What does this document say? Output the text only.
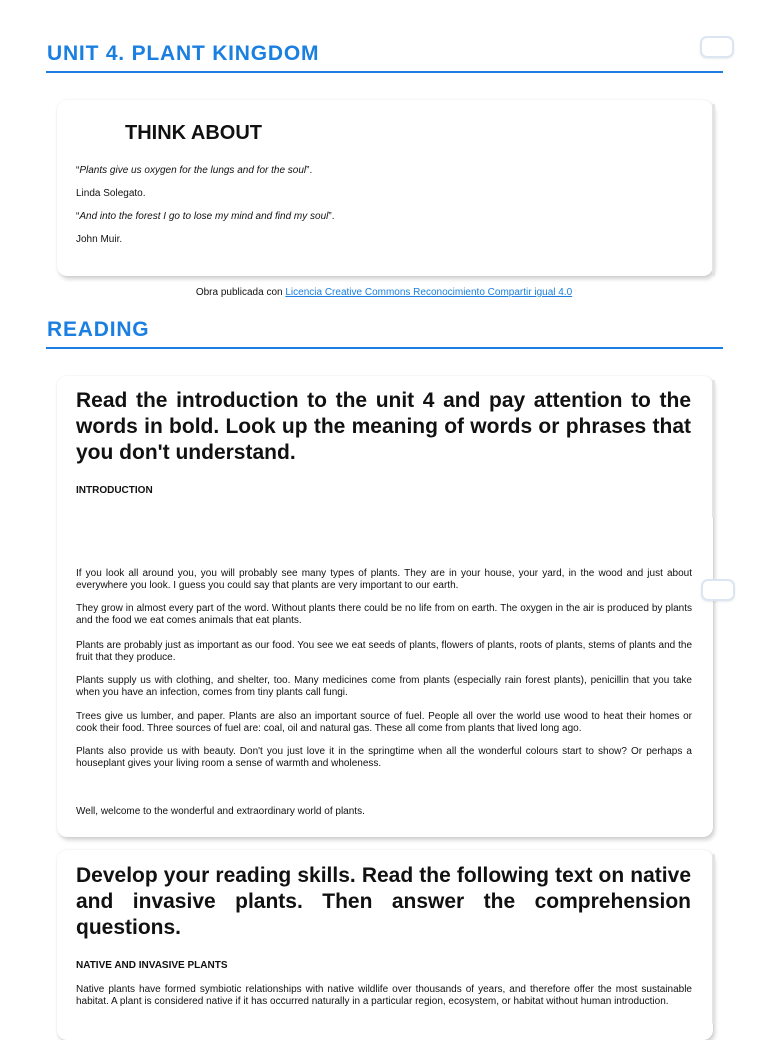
UNIT 4. PLANT KINGDOM
THINK ABOUT

“Plants give us oxygen for the lungs and for the soul”.

Linda Solegato.

“And into the forest I go to lose my mind and find my soul”.

John Muir.

Obra publicada con Licencia Creative Commons Reconocimiento Compartir igual 4.0
READING
Read the introduction to the unit 4 and pay attention to the words in bold. Look up the meaning of words or phrases that you don't understand.

INTRODUCTION

If you look all around you, you will probably see many types of plants. They are in your house, your yard, in the wood and just about everywhere you look. I guess you could say that plants are very important to our earth.

They grow in almost every part of the word. Without plants there could be no life from on earth. The oxygen in the air is produced by plants and the food we eat comes animals that eat plants.

Plants are probably just as important as our food. You see we eat seeds of plants, flowers of plants, roots of plants, stems of plants and the fruit that they produce.

Plants supply us with clothing, and shelter, too. Many medicines come from plants (especially rain forest plants), penicillin that you take when you have an infection, comes from tiny plants call fungi.

Trees give us lumber, and paper. Plants are also an important source of fuel. People all over the world use wood to heat their homes or cook their food. Three sources of fuel are: coal, oil and natural gas. These all come from plants that lived long ago.

Plants also provide us with beauty. Don't you just love it in the springtime when all the wonderful colours start to show? Or perhaps a houseplant gives your living room a sense of warmth and wholeness.

Well, welcome to the wonderful and extraordinary world of plants.

Develop your reading skills. Read the following text on native and invasive plants. Then answer the comprehension questions.

NATIVE AND INVASIVE PLANTS

Native plants have formed symbiotic relationships with native wildlife over thousands of years, and therefore offer the most sustainable habitat. A plant is considered native if it has occurred naturally in a particular region, ecosystem, or habitat without human introduction.
